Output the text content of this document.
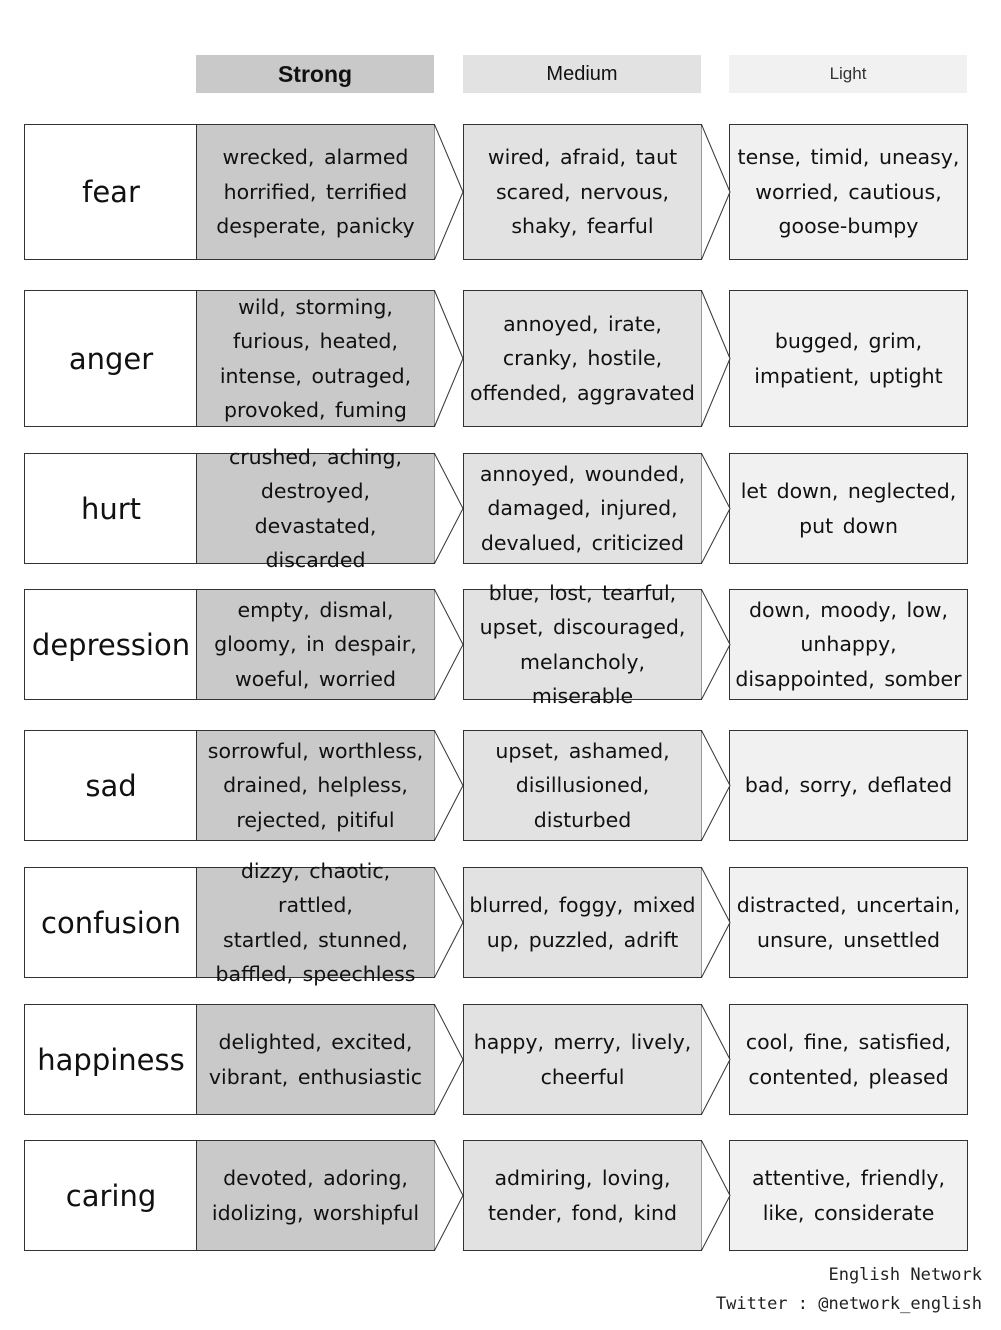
Strong	Medium	Light
fear
wrecked, alarmed
horrified, terrified
desperate, panicky
wired, afraid, taut
scared, nervous,
shaky, fearful
tense, timid, uneasy,
worried, cautious,
goose-bumpy
anger
wild, storming,
furious, heated,
intense, outraged,
provoked, fuming
annoyed, irate,
cranky, hostile,
offended, aggravated
bugged, grim,
impatient, uptight
hurt
crushed, aching,
destroyed,
devastated, discarded
annoyed, wounded,
damaged, injured,
devalued, criticized
let down, neglected,
put down
depression
empty, dismal,
gloomy, in despair,
woeful, worried
blue, lost, tearful,
upset, discouraged,
melancholy, miserable
down, moody, low,
unhappy,
disappointed, somber
sad
sorrowful, worthless,
drained, helpless,
rejected, pitiful
upset, ashamed,
disillusioned,
disturbed
bad, sorry, deflated
confusion
dizzy, chaotic, rattled,
startled, stunned,
baffled, speechless
blurred, foggy, mixed
up, puzzled, adrift
distracted, uncertain,
unsure, unsettled
happiness
delighted, excited,
vibrant, enthusiastic
happy, merry, lively,
cheerful
cool, fine, satisfied,
contented, pleased
caring
devoted, adoring,
idolizing, worshipful
admiring, loving,
tender, fond, kind
attentive, friendly,
like, considerate
English Network
Twitter : @network_english
